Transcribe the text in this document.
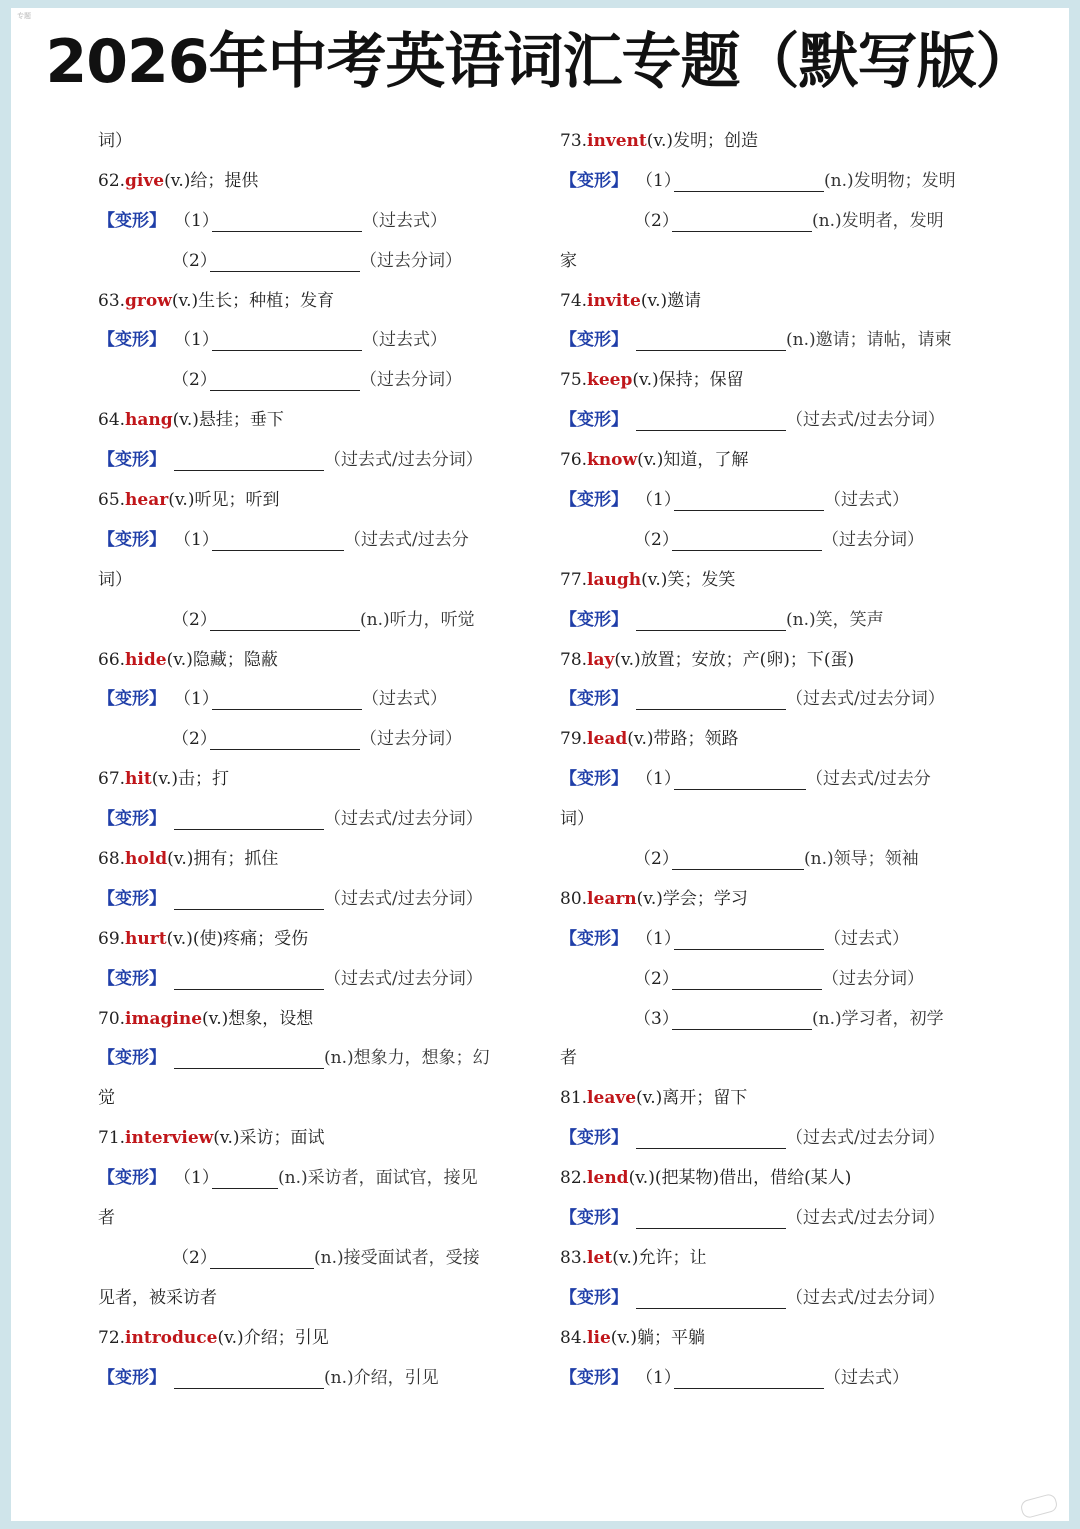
专题
2026年中考英语词汇专题（默写版）
词）
62.give(v.)给；提供
【变形】 （1）	（过去式）
（2）	（过去分词）
63.grow(v.)生长；种植；发育
【变形】 （1）	（过去式）
（2）	（过去分词）
64.hang(v.)悬挂；垂下
【变形】	（过去式/过去分词）
65.hear(v.)听见；听到
【变形】 （1）	（过去式/过去分
词）
（2）	(n.)听力，听觉
66.hide(v.)隐藏；隐蔽
【变形】 （1）	（过去式）
（2）	（过去分词）
67.hit(v.)击；打
【变形】	（过去式/过去分词）
68.hold(v.)拥有；抓住
【变形】	（过去式/过去分词）
69.hurt(v.)(使)疼痛；受伤
【变形】	（过去式/过去分词）
70.imagine(v.)想象，设想
【变形】	(n.)想象力，想象；幻
觉
71.interview(v.)采访；面试
【变形】 （1）	(n.)采访者，面试官，接见
者
（2）	(n.)接受面试者，受接
见者，被采访者
72.introduce(v.)介绍；引见
【变形】	(n.)介绍，引见
73.invent(v.)发明；创造
【变形】 （1）	(n.)发明物；发明
（2）	(n.)发明者，发明
家
74.invite(v.)邀请
【变形】	(n.)邀请；请帖，请柬
75.keep(v.)保持；保留
【变形】	（过去式/过去分词）
76.know(v.)知道，了解
【变形】 （1）	（过去式）
（2）	（过去分词）
77.laugh(v.)笑；发笑
【变形】	(n.)笑，笑声
78.lay(v.)放置；安放；产(卵)；下(蛋)
【变形】	（过去式/过去分词）
79.lead(v.)带路；领路
【变形】 （1）	（过去式/过去分
词）
（2）	(n.)领导；领袖
80.learn(v.)学会；学习
【变形】 （1）	（过去式）
（2）	（过去分词）
（3）	(n.)学习者，初学
者
81.leave(v.)离开；留下
【变形】	（过去式/过去分词）
82.lend(v.)(把某物)借出，借给(某人)
【变形】	（过去式/过去分词）
83.let(v.)允许；让
【变形】	（过去式/过去分词）
84.lie(v.)躺；平躺
【变形】 （1）	（过去式）
